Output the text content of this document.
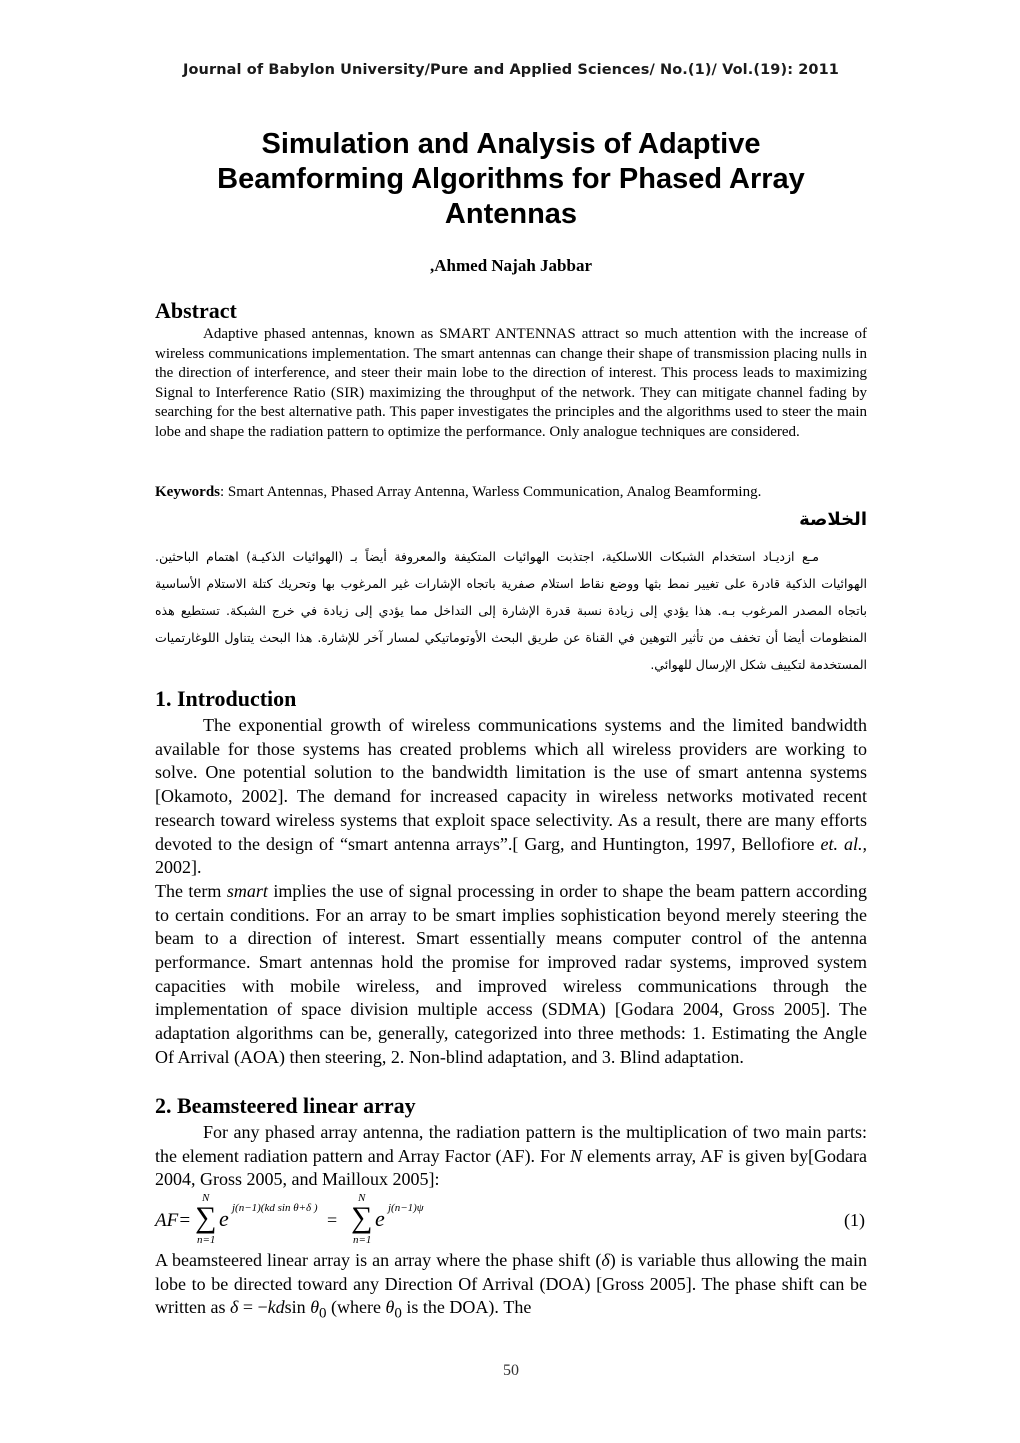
Journal of Babylon University/Pure and Applied Sciences/ No.(1)/ Vol.(19): 2011
Simulation and Analysis of Adaptive
Beamforming Algorithms for Phased Array
Antennas
,Ahmed Najah Jabbar
Abstract
Adaptive phased antennas, known as SMART ANTENNAS attract so much attention with the increase of wireless communications implementation. The smart antennas can change their shape of transmission placing nulls in the direction of interference, and steer their main lobe to the direction of interest. This process leads to maximizing Signal to Interference Ratio (SIR) maximizing the throughput of the network. They can mitigate channel fading by searching for the best alternative path. This paper investigates the principles and the algorithms used to steer the main lobe and shape the radiation pattern to optimize the performance. Only analogue techniques are considered.
Keywords: Smart Antennas, Phased Array Antenna, Warless Communication, Analog Beamforming.
الخلاصة
مـع ازديـاد استخدام الشبكات اللاسلكية، اجتذبت الهوائيات المتكيفة والمعروفة أيضاً بـ (الهوائيات الذكيـة) اهتمام الباحثين. الهوائيات الذكية قادرة على تغيير نمط بثها ووضع نقاط استلام صفرية باتجاه الإشارات غير المرغوب بها وتحريك كتلة الاستلام الأساسية باتجاه المصدر المرغوب بـه. هذا يؤدي إلى زيادة نسبة قدرة الإشارة إلى التداخل مما يؤدي إلى زيادة في خرج الشبكة. تستطيع هذه المنظومات أيضا أن تخفف من تأثير التوهين في القناة عن طريق البحث الأوتوماتيكي لمسار آخر للإشارة. هذا البحث يتناول اللوغارتميات المستخدمة لتكييف شكل الإرسال للهوائي.
1. Introduction

The exponential growth of wireless communications systems and the limited bandwidth available for those systems has created problems which all wireless providers are working to solve. One potential solution to the bandwidth limitation is the use of smart antenna systems [Okamoto, 2002]. The demand for increased capacity in wireless networks motivated recent research toward wireless systems that exploit space selectivity. As a result, there are many efforts devoted to the design of “smart antenna arrays”.[ Garg, and Huntington, 1997, Bellofiore et. al., 2002].

The term smart implies the use of signal processing in order to shape the beam pattern according to certain conditions. For an array to be smart implies sophistication beyond merely steering the beam to a direction of interest. Smart essentially means computer control of the antenna performance. Smart antennas hold the promise for improved radar systems, improved system capacities with mobile wireless, and improved wireless communications through the implementation of space division multiple access (SDMA) [Godara 2004, Gross 2005]. The adaptation algorithms can be, generally, categorized into three methods: 1. Estimating the Angle Of Arrival (AOA) then steering, 2. Non-blind adaptation, and 3. Blind adaptation.

2. Beamsteered linear array

For any phased array antenna, the radiation pattern is the multiplication of two main parts: the element radiation pattern and Array Factor (AF). For N elements array, AF is given by[Godara 2004, Gross 2005, and Mailloux 2005]:

AF=
N
∑
n=1
e j(n−1)(kd sin θ+δ )
=
N
∑
n=1
e j(n−1)ψ
(1)

A beamsteered linear array is an array where the phase shift (δ) is variable thus allowing the main lobe to be directed toward any Direction Of Arrival (DOA) [Gross 2005]. The phase shift can be written as δ = −kdsin $\theta_0$ (where $\theta_0$ is the DOA). The

50
